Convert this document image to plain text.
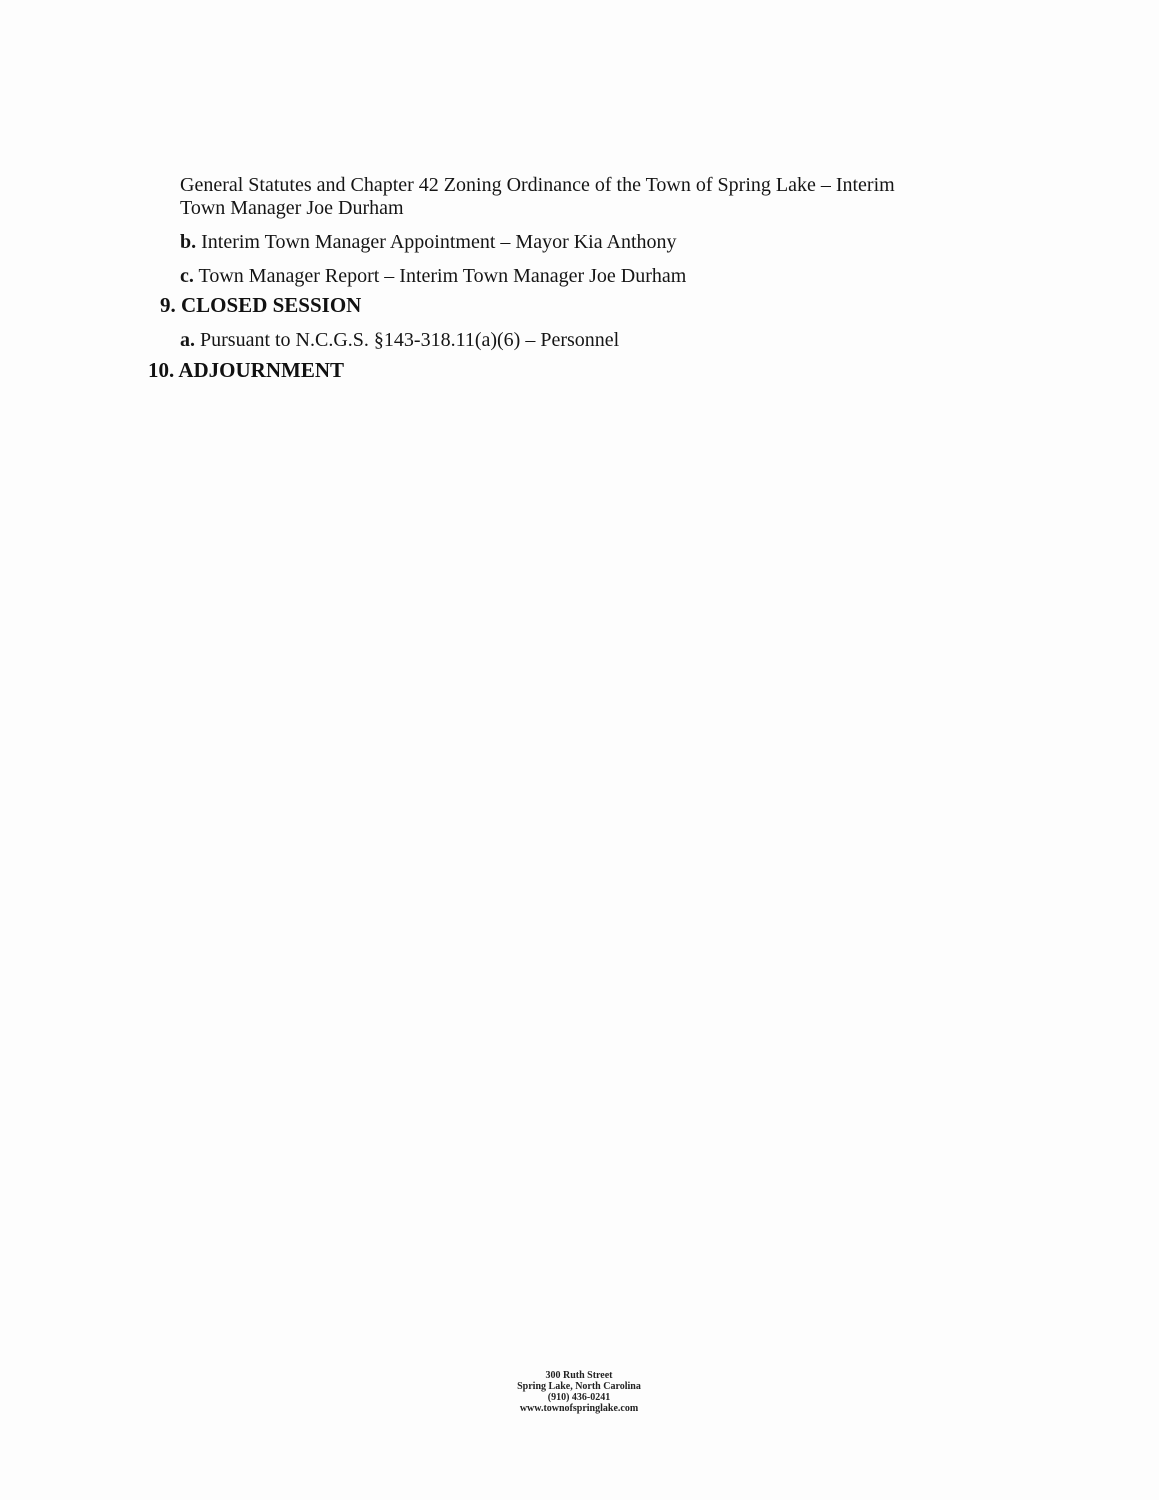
General Statutes and Chapter 42 Zoning Ordinance of the Town of Spring Lake – Interim
Town Manager Joe Durham
b. Interim Town Manager Appointment – Mayor Kia Anthony
c. Town Manager Report – Interim Town Manager Joe Durham
9. CLOSED SESSION
a. Pursuant to N.C.G.S. §143-318.11(a)(6) – Personnel
10. ADJOURNMENT
300 Ruth Street
Spring Lake, North Carolina
(910) 436-0241
www.townofspringlake.com
